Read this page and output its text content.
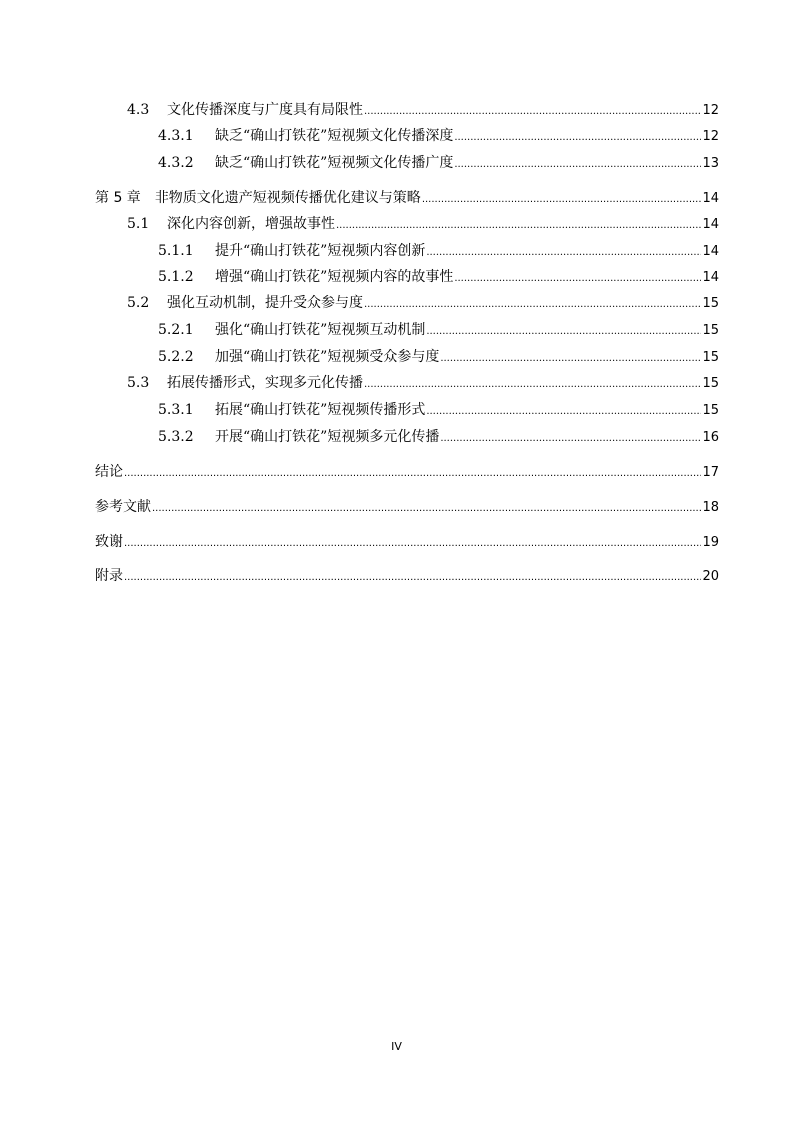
4.3	文化传播深度与广度具有局限性 .....	12
4.3.1	缺乏“确山打铁花”短视频文化传播深度 .....	12
4.3.2	缺乏“确山打铁花”短视频文化传播广度 .....	13
第 5 章 非物质文化遗产短视频传播优化建议与策略 .....	14
5.1	深化内容创新，增强故事性 .....	14
5.1.1	提升“确山打铁花”短视频内容创新 .....	14
5.1.2	增强“确山打铁花”短视频内容的故事性 .....	14
5.2	强化互动机制，提升受众参与度 .....	15
5.2.1	强化“确山打铁花”短视频互动机制 .....	15
5.2.2	加强“确山打铁花”短视频受众参与度 .....	15
5.3	拓展传播形式，实现多元化传播 .....	15
5.3.1	拓展“确山打铁花”短视频传播形式 .....	15
5.3.2	开展“确山打铁花”短视频多元化传播 .....	16
结论 .....	17
参考文献 .....	18
致谢 .....	19
附录 .....	20
IV
